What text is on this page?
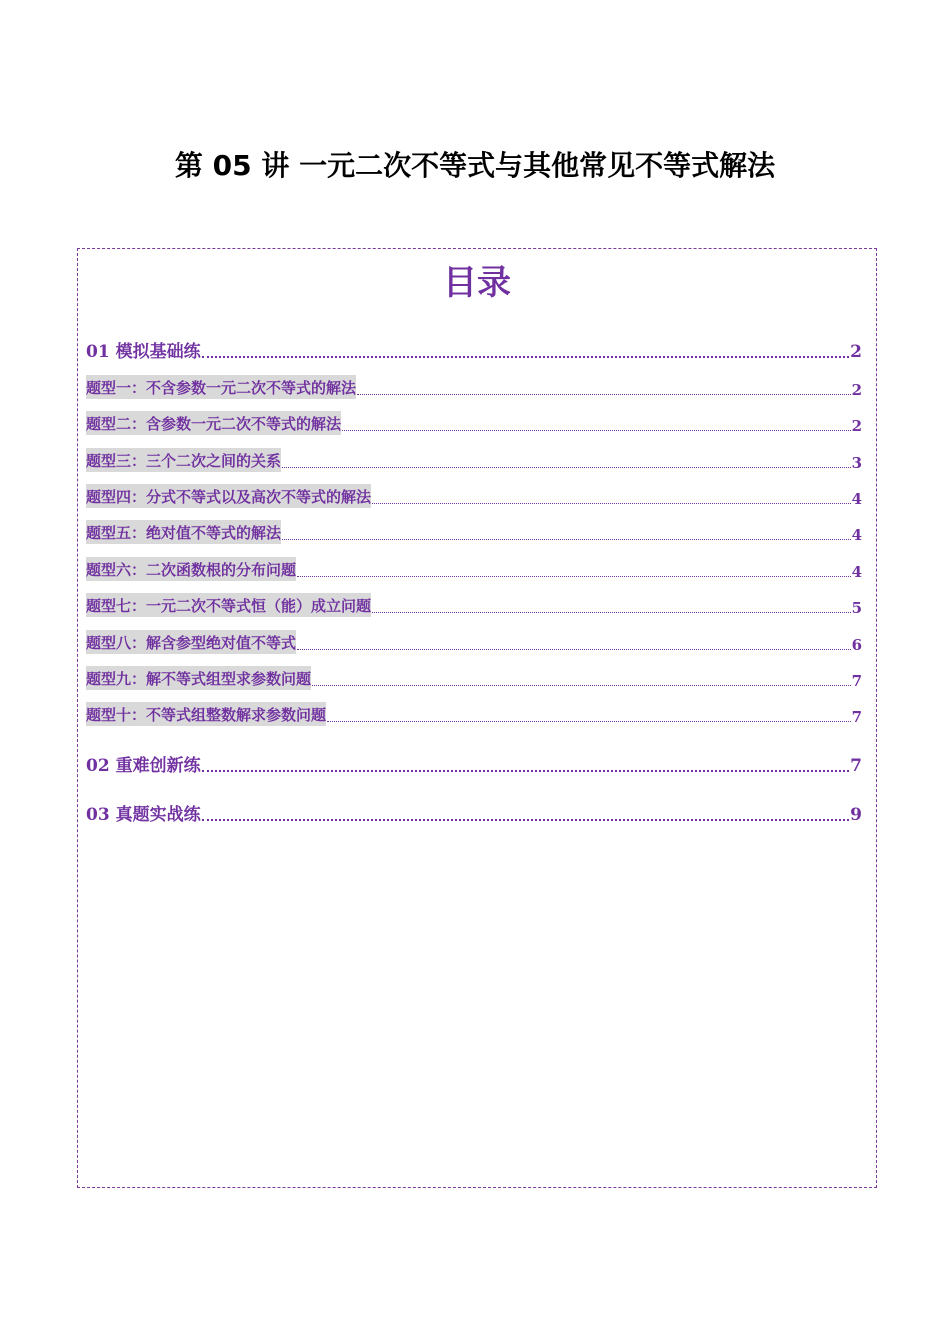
第 05 讲 一元二次不等式与其他常见不等式解法
目录
01 模拟基础练	2
题型一：不含参数一元二次不等式的解法	2
题型二：含参数一元二次不等式的解法	2
题型三：三个二次之间的关系	3
题型四：分式不等式以及高次不等式的解法	4
题型五：绝对值不等式的解法	4
题型六：二次函数根的分布问题	4
题型七：一元二次不等式恒（能）成立问题	5
题型八：解含参型绝对值不等式	6
题型九：解不等式组型求参数问题	7
题型十：不等式组整数解求参数问题	7
02 重难创新练	7
03 真题实战练	9
